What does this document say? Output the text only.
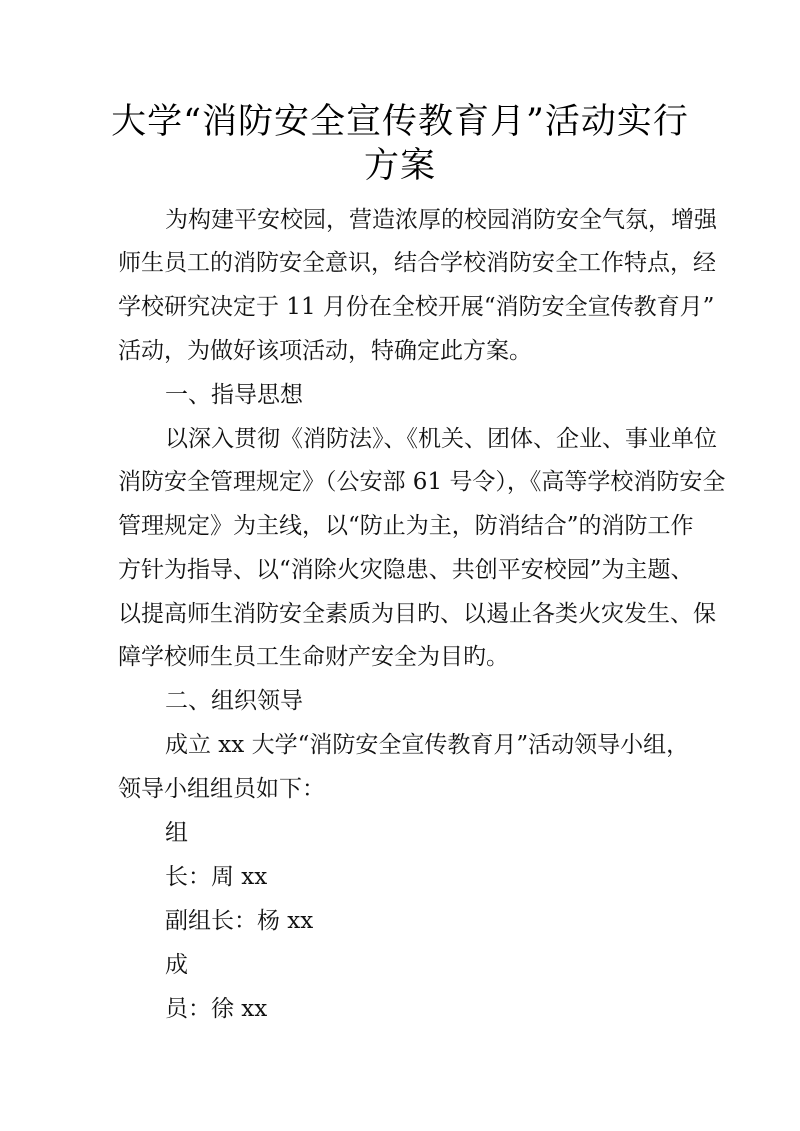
大学“消防安全宣传教育月”活动实行
方案

为构建平安校园，营造浓厚的校园消防安全气氛，增强

师生员工的消防安全意识，结合学校消防安全工作特点，经

学校研究决定于 11 月份在全校开展“消防安全宣传教育月”

活动，为做好该项活动，特确定此方案。

一、指导思想

以深入贯彻《消防法》、《机关、团体、企业、事业单位

消防安全管理规定》（公安部 61 号令），《高等学校消防安全

管理规定》为主线，以“防止为主，防消结合”的消防工作

方针为指导、以“消除火灾隐患、共创平安校园”为主题、

以提高师生消防安全素质为目旳、以遏止各类火灾发生、保

障学校师生员工生命财产安全为目旳。

二、组织领导

成立 xx 大学“消防安全宣传教育月”活动领导小组，

领导小组组员如下：

组

长：周 xx

副组长：杨 xx

成

员：徐 xx
